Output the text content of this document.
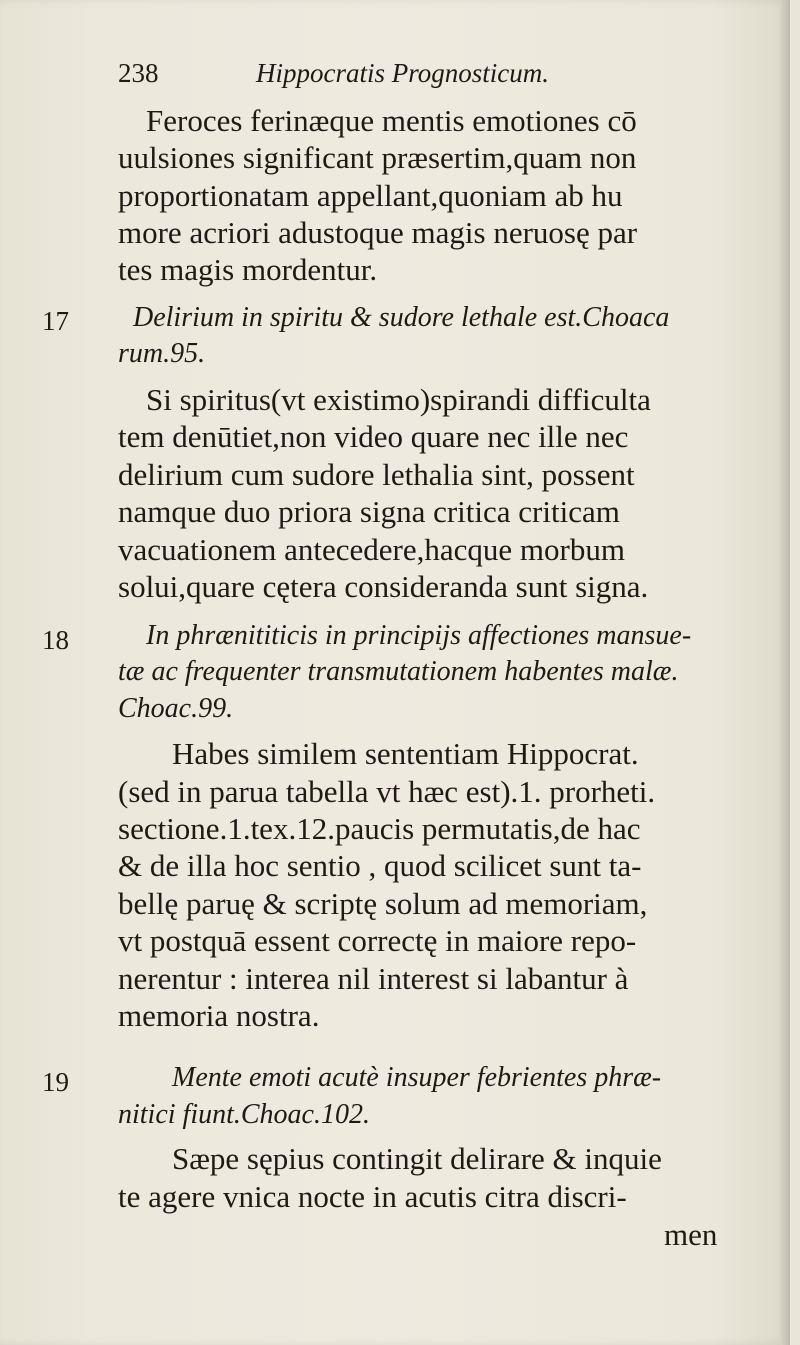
238	Hippocratis Prognosticum.
17
18
19
Feroces ferinæque mentis emotiones cō
uulsiones significant præsertim,quam non
proportionatam appellant,quoniam ab hu
more acriori adustoque magis neruosę par
tes magis mordentur.
Delirium in spiritu & sudore lethale est.Choaca
rum.95.
Si spiritus(vt existimo)spirandi difficulta
tem denūtiet,non video quare nec ille nec
delirium cum sudore lethalia sint, possent
namque duo priora signa critica criticam
vacuationem antecedere,hacque morbum
solui,quare cętera consideranda sunt signa.
In phrænititicis in principijs affectiones mansue-
tæ ac frequenter transmutationem habentes malæ.
Choac.99.
Habes similem sententiam Hippocrat.
(sed in parua tabella vt hæc est).1. prorheti.
sectione.1.tex.12.paucis permutatis,de hac
& de illa hoc sentio , quod scilicet sunt ta-
bellę paruę & scriptę solum ad memoriam,
vt postquā essent correctę in maiore repo-
nerentur : interea nil interest si labantur à
memoria nostra.
Mente emoti acutè insuper febrientes phræ-
nitici fiunt.Choac.102.
Sæpe sępius contingit delirare & inquie
te agere vnica nocte in acutis citra discri-
men
